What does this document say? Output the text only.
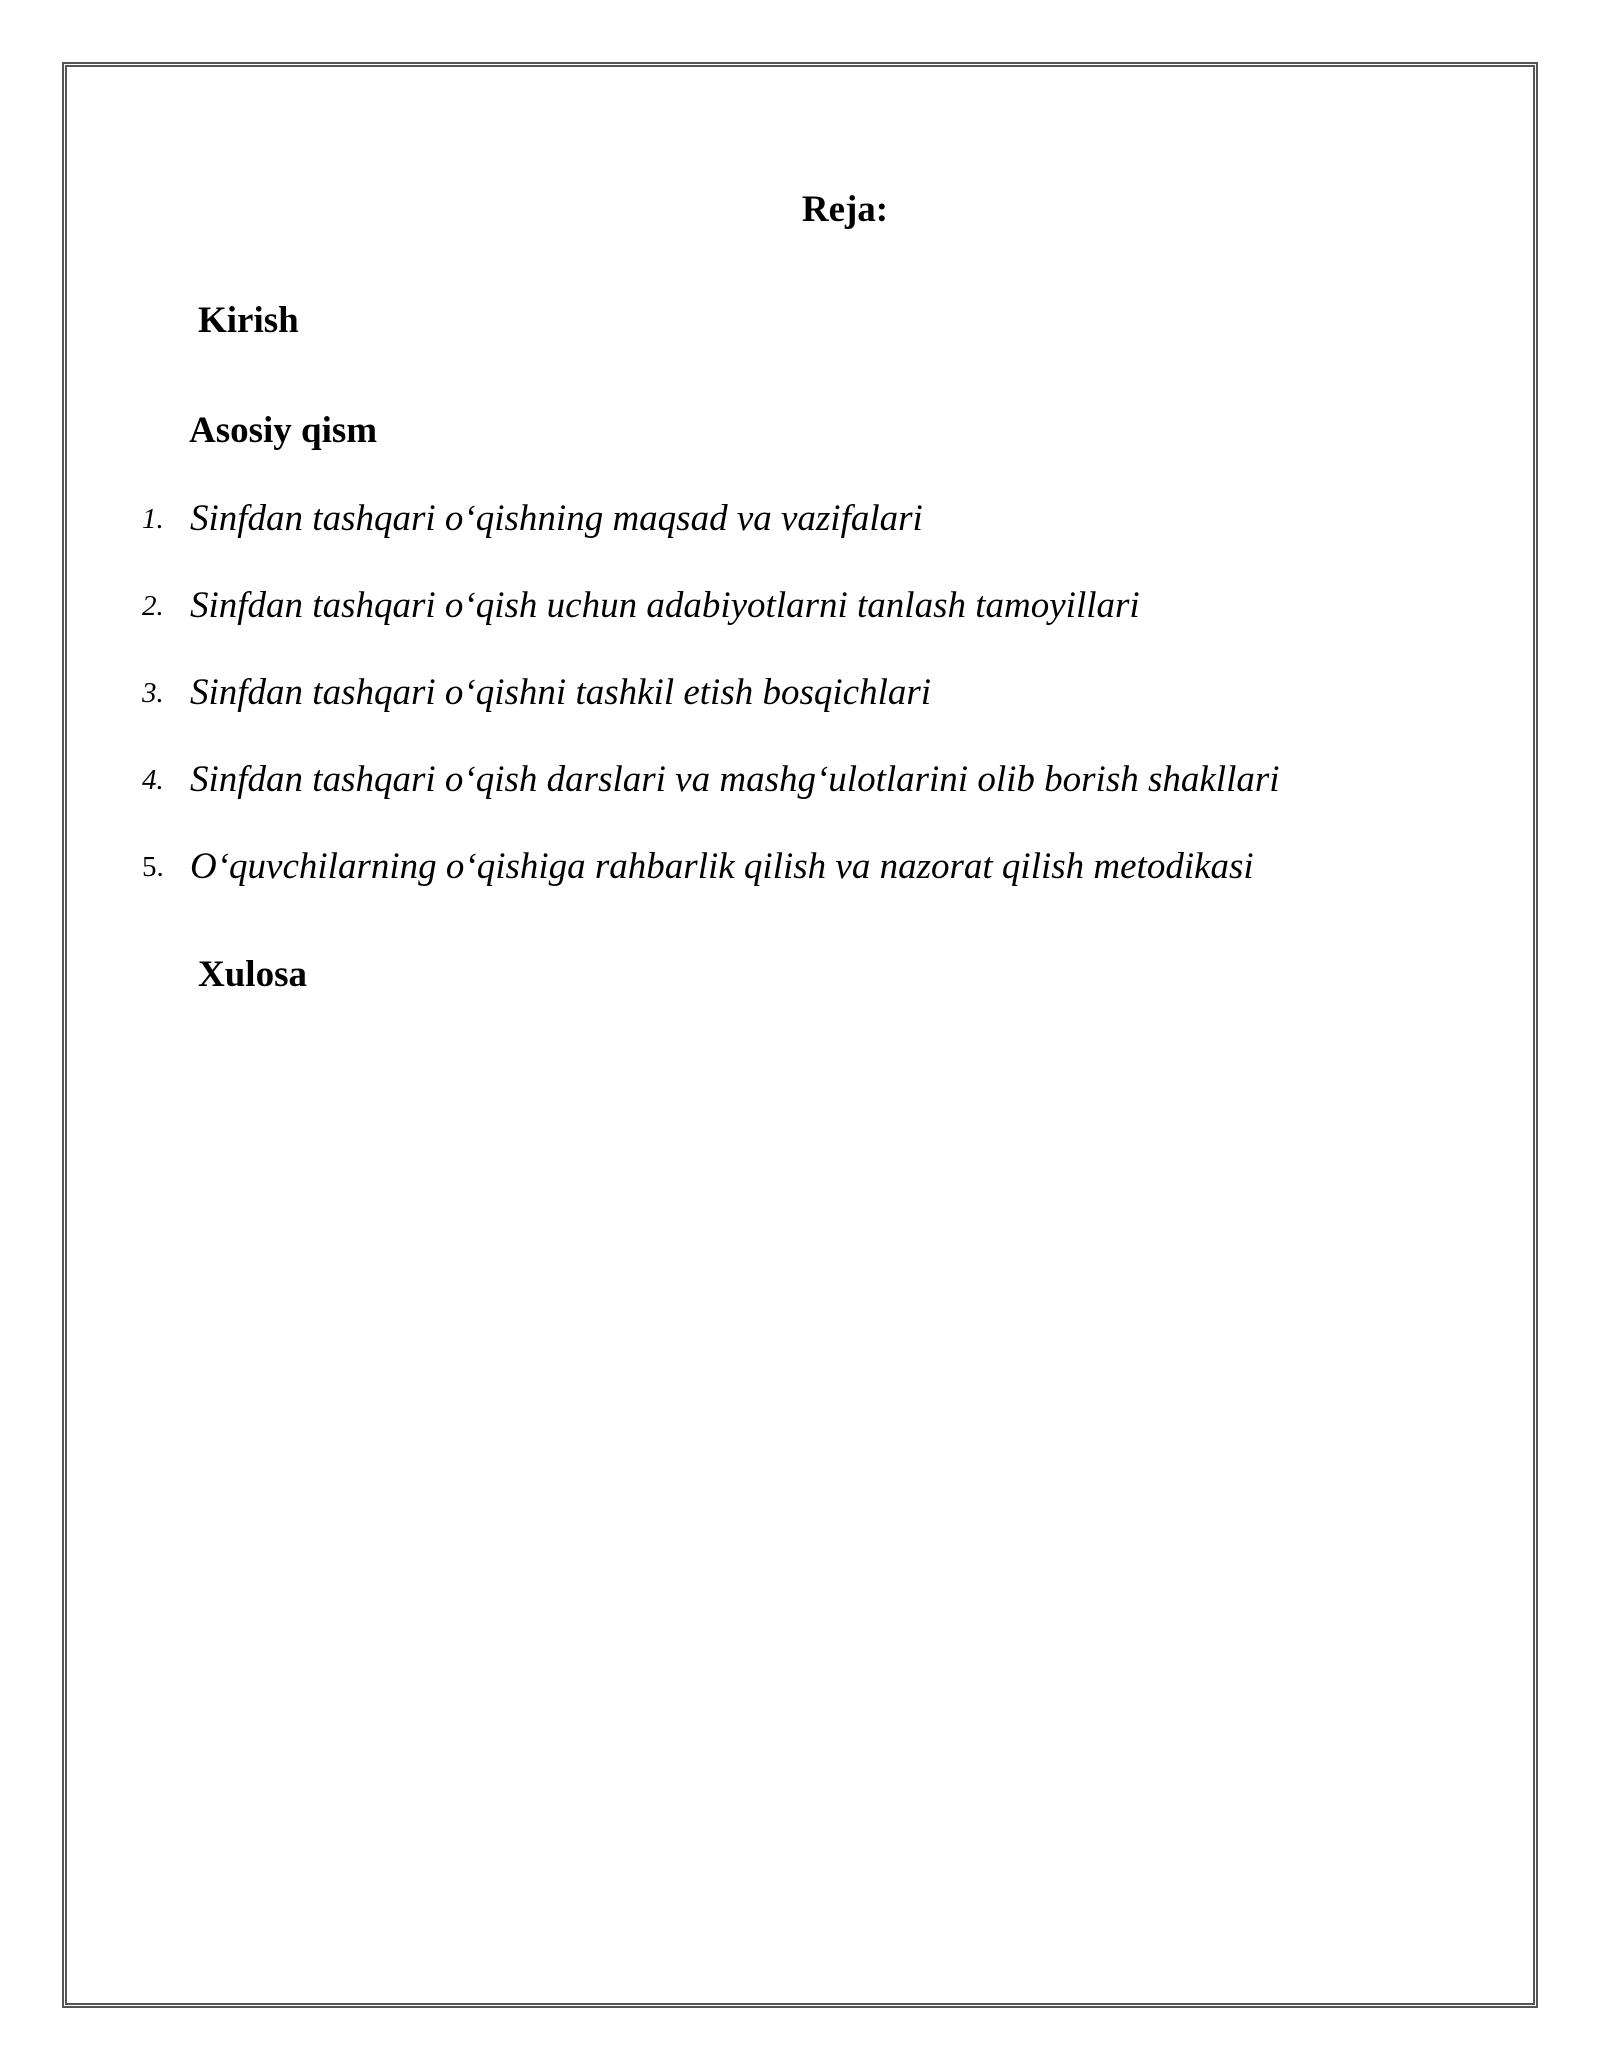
Reja:
Kirish
Asosiy qism
1. Sinfdan tashqari o‘qishning maqsad va vazifalari
2. Sinfdan tashqari o‘qish uchun adabiyotlarni tanlash tamoyillari
3. Sinfdan tashqari o‘qishni tashkil etish bosqichlari
4. Sinfdan tashqari o‘qish darslari va mashg‘ulotlarini olib borish shakllari
5. O‘quvchilarning o‘qishiga rahbarlik qilish va nazorat qilish metodikasi
Xulosa
